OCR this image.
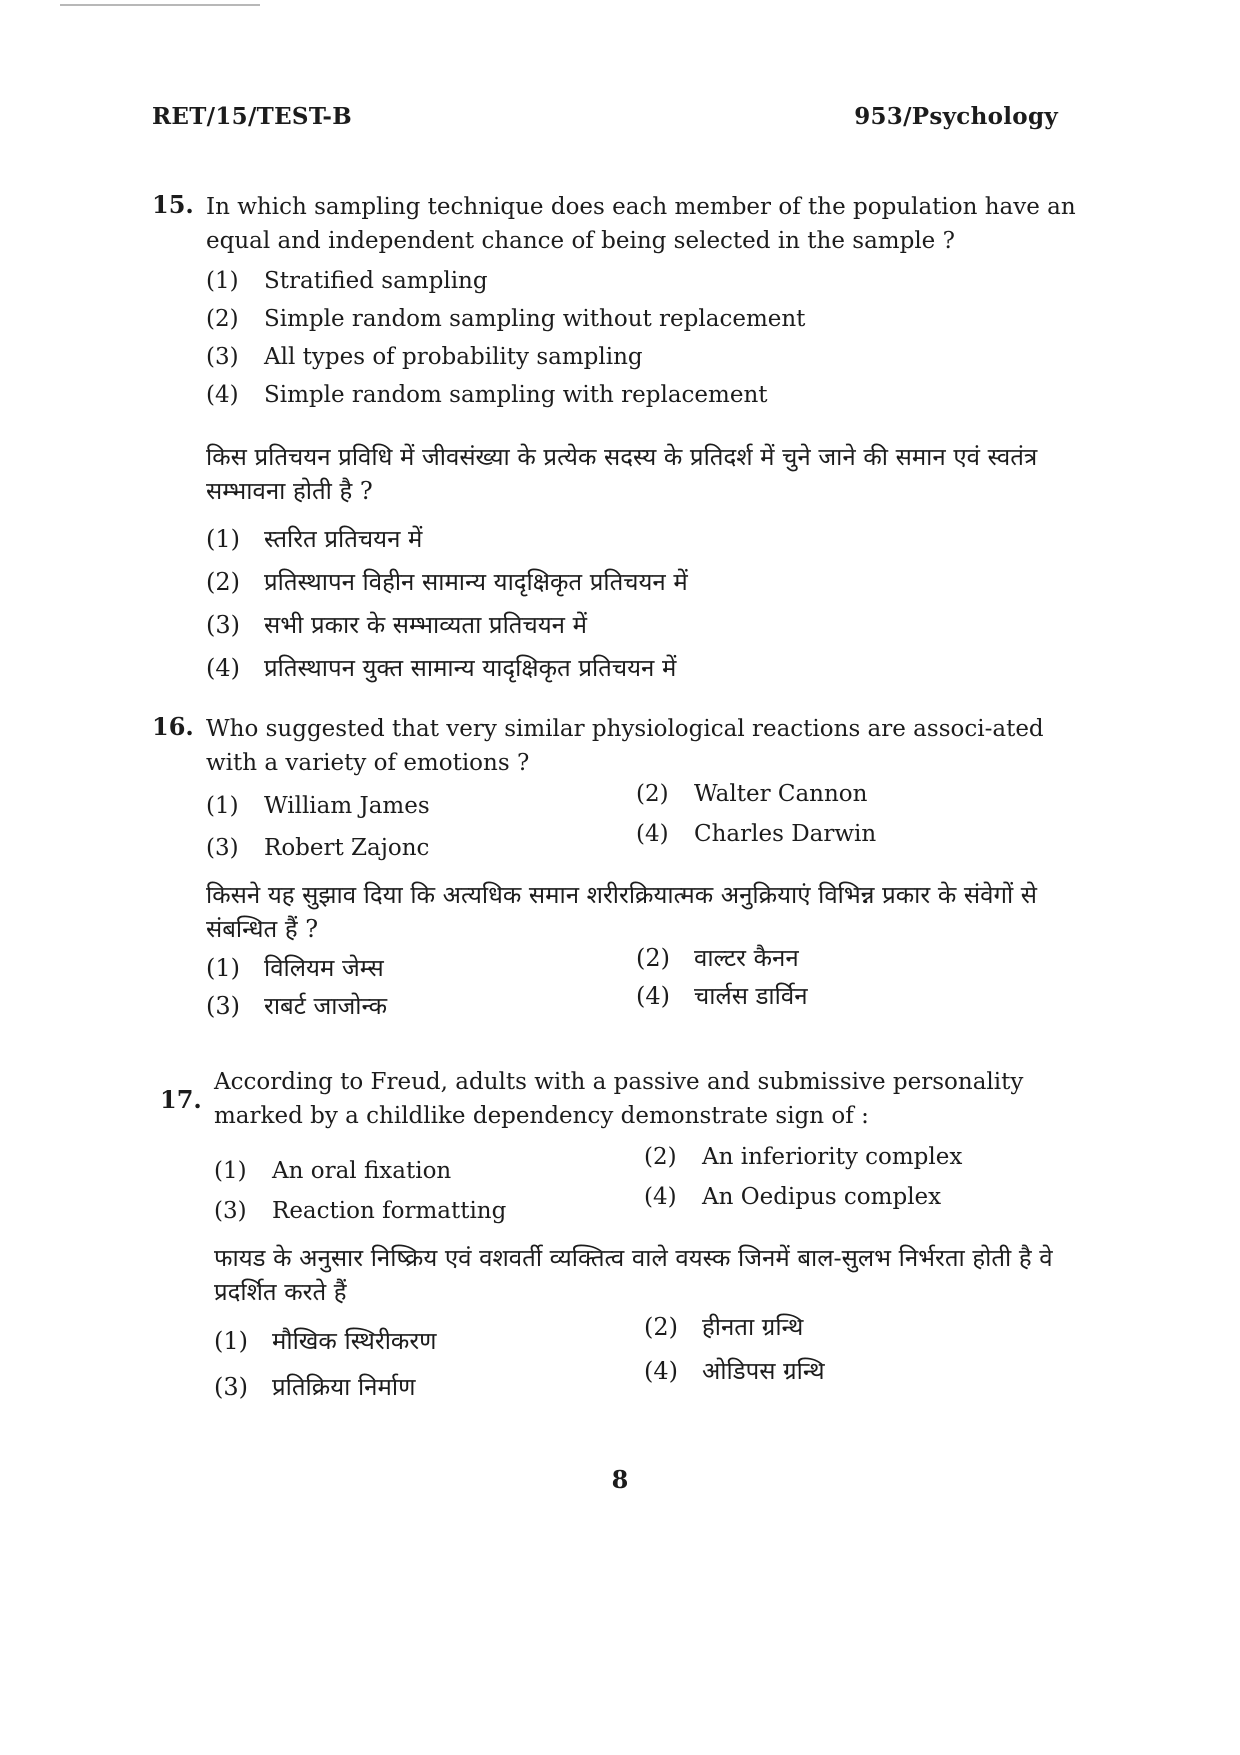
RET/15/TEST-B	953/Psychology
15. In which sampling technique does each member of the population have an equal and independent chance of being selected in the sample ?
(1)	Stratified sampling
(2)	Simple random sampling without replacement
(3)	All types of probability sampling
(4)	Simple random sampling with replacement
किस प्रतिचयन प्रविधि में जीवसंख्या के प्रत्येक सदस्य के प्रतिदर्श में चुने जाने की समान एवं स्वतंत्र सम्भावना होती है ?
(1)	स्तरित प्रतिचयन में
(2)	प्रतिस्थापन विहीन सामान्य यादृक्षिकृत प्रतिचयन में
(3)	सभी प्रकार के सम्भाव्यता प्रतिचयन में
(4)	प्रतिस्थापन युक्त सामान्य यादृक्षिकृत प्रतिचयन में
16. Who suggested that very similar physiological reactions are associ-ated with a variety of emotions ?
(1)	William James	(2)	Walter Cannon
(3)	Robert Zajonc
(4)	Charles Darwin
किसने यह सुझाव दिया कि अत्यधिक समान शरीरक्रियात्मक अनुक्रियाएं विभिन्न प्रकार के संवेगों से संबन्धित हैं ?
(1)	विलियम जेम्स	(2)	वाल्टर कैनन
(3)	राबर्ट जाजोन्क	(4)	चार्लस डार्विन
17.
According to Freud, adults with a passive and submissive personality marked by a childlike dependency demonstrate sign of :
(1)	An oral fixation
(2)	An inferiority complex
(3)	Reaction formatting
(4)	An Oedipus complex
फायड के अनुसार निष्क्रिय एवं वशवर्ती व्यक्तित्व वाले वयस्क जिनमें बाल-सुलभ निर्भरता होती है वे प्रदर्शित करते हैं
(1)	मौखिक स्थिरीकरण	(2)	हीनता ग्रन्थि
(3)	प्रतिक्रिया निर्माण
(4)	ओडिपस ग्रन्थि
8
